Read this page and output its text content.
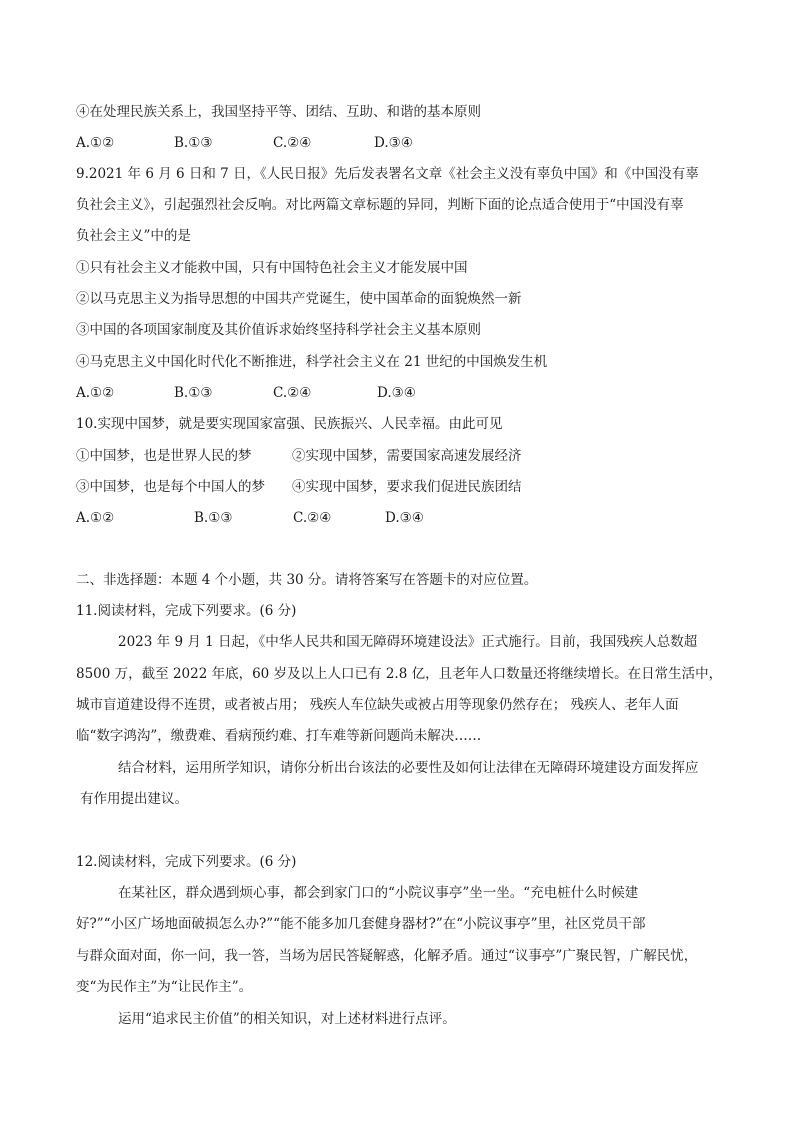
④在处理民族关系上，我国坚持平等、团结、互助、和谐的基本原则
A.①②	B.①③	C.②④	D.③④
9.2021 年 6 月 6 日和 7 日，《人民日报》先后发表署名文章《社会主义没有辜负中国》和《中国没有辜
负社会主义》，引起强烈社会反响。对比两篇文章标题的异同，判断下面的论点适合使用于“中国没有辜
负社会主义”中的是
①只有社会主义才能救中国，只有中国特色社会主义才能发展中国
②以马克思主义为指导思想的中国共产党诞生，使中国革命的面貌焕然一新
③中国的各项国家制度及其价值诉求始终坚持科学社会主义基本原则
④马克思主义中国化时代化不断推进，科学社会主义在 21 世纪的中国焕发生机
A.①②	B.①③	C.②④	D.③④
10.实现中国梦，就是要实现国家富强、民族振兴、人民幸福。由此可见
①中国梦，也是世界人民的梦	②实现中国梦，需要国家高速发展经济
③中国梦，也是每个中国人的梦 ④实现中国梦，要求我们促进民族团结
A.①②	B.①③	C.②④	D.③④
二、非选择题：本题 4 个小题，共 30 分。请将答案写在答题卡的对应位置。
11.阅读材料，完成下列要求。(6 分)
2023 年 9 月 1 日起，《中华人民共和国无障碍环境建设法》正式施行。目前，我国残疾人总数超
8500 万，截至 2022 年底，60 岁及以上人口已有 2.8 亿，且老年人口数量还将继续增长。在日常生活中，
城市盲道建设得不连贯，或者被占用； 残疾人车位缺失或被占用等现象仍然存在； 残疾人、老年人面
临“数字鸿沟”，缴费难、看病预约难、打车难等新问题尚未解决……
结合材料，运用所学知识，请你分析出台该法的必要性及如何让法律在无障碍环境建设方面发挥应
有作用提出建议。
12.阅读材料，完成下列要求。(6 分)
在某社区，群众遇到烦心事，都会到家门口的“小院议事亭”坐一坐。“充电桩什么时候建
好?”“小区广场地面破损怎么办?”“能不能多加几套健身器材?”在“小院议事亭”里，社区党员干部
与群众面对面，你一问，我一答，当场为居民答疑解惑，化解矛盾。通过“议事亭”广聚民智，广解民忧，
变“为民作主”为“让民作主”。
运用“追求民主价值”的相关知识，对上述材料进行点评。
